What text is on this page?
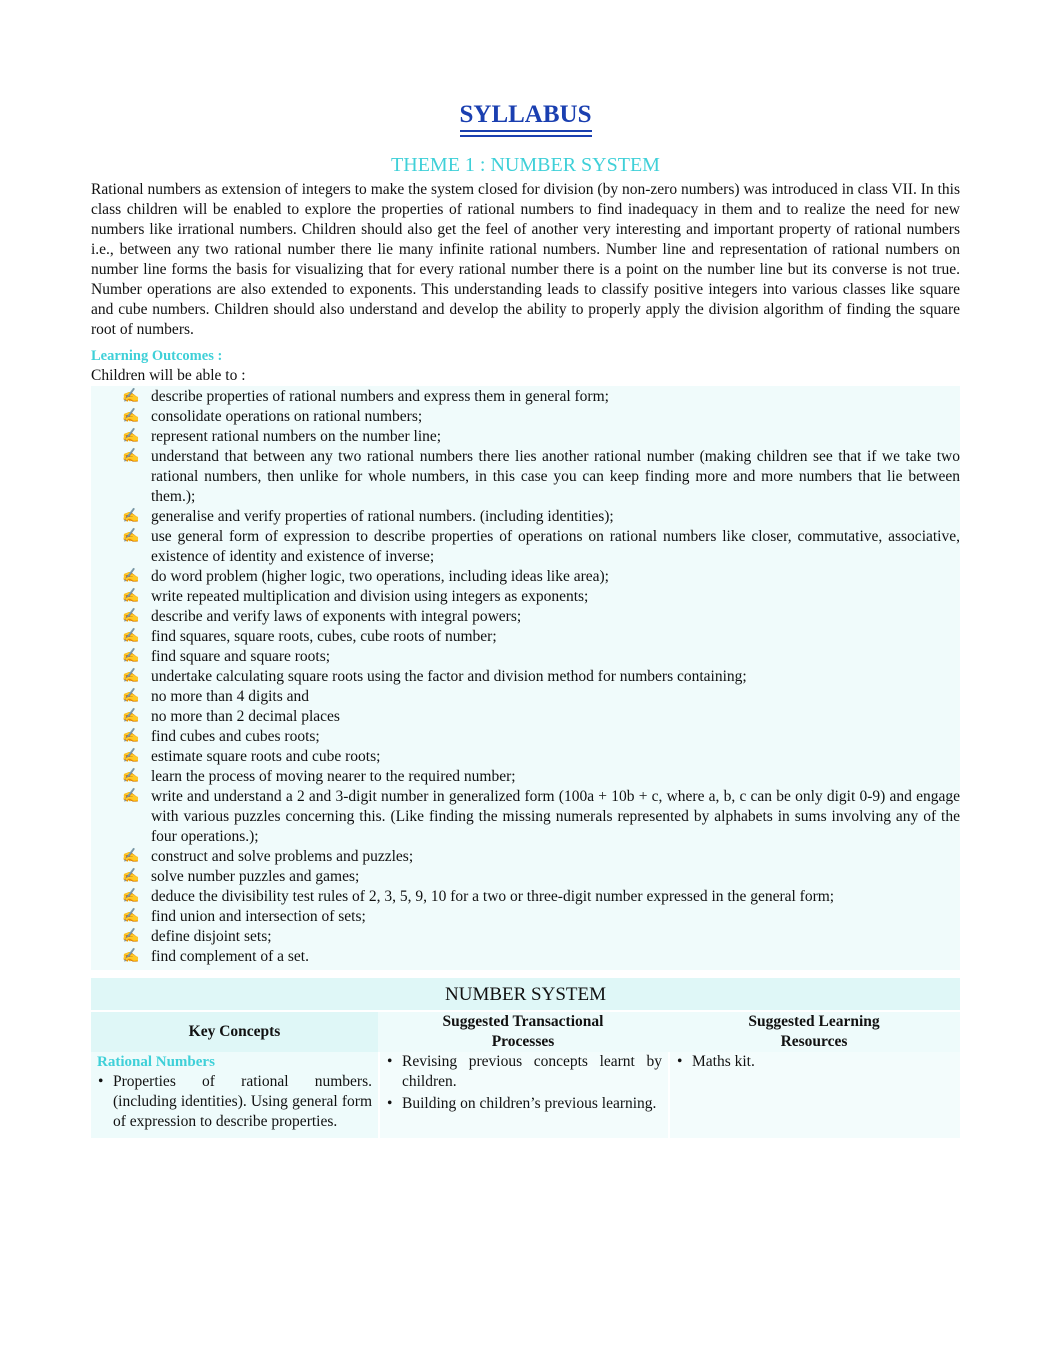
SYLLABUS
THEME 1 : NUMBER SYSTEM
Rational numbers as extension of integers to make the system closed for division (by non-zero numbers) was introduced in class VII. In this class children will be enabled to explore the properties of rational numbers to find inadequacy in them and to realize the need for new numbers like irrational numbers. Children should also get the feel of another very interesting and important property of rational numbers i.e., between any two rational number there lie many infinite rational numbers. Number line and representation of rational numbers on number line forms the basis for visualizing that for every rational number there is a point on the number line but its converse is not true. Number operations are also extended to exponents. This understanding leads to classify positive integers into various classes like square and cube numbers. Children should also understand and develop the ability to properly apply the division algorithm of finding the square root of numbers.
Learning Outcomes :
Children will be able to :
✍ describe properties of rational numbers and express them in general form;
✍ consolidate operations on rational numbers;
✍ represent rational numbers on the number line;
✍ understand that between any two rational numbers there lies another rational number (making children see that if we take two rational numbers, then unlike for whole numbers, in this case you can keep finding more and more numbers that lie between them.);
✍ generalise and verify properties of rational numbers. (including identities);
✍ use general form of expression to describe properties of operations on rational numbers like closer, commutative, associative, existence of identity and existence of inverse;
✍ do word problem (higher logic, two operations, including ideas like area);
✍ write repeated multiplication and division using integers as exponents;
✍ describe and verify laws of exponents with integral powers;
✍ find squares, square roots, cubes, cube roots of number;
✍ find square and square roots;
✍ undertake calculating square roots using the factor and division method for numbers containing;
✍ no more than 4 digits and
✍ no more than 2 decimal places
✍ find cubes and cubes roots;
✍ estimate square roots and cube roots;
✍ learn the process of moving nearer to the required number;
✍ write and understand a 2 and 3-digit number in generalized form (100a + 10b + c, where a, b, c can be only digit 0-9) and engage with various puzzles concerning this. (Like finding the missing numerals represented by alphabets in sums involving any of the four operations.);
✍ construct and solve problems and puzzles;
✍ solve number puzzles and games;
✍ deduce the divisibility test rules of 2, 3, 5, 9, 10 for a two or three-digit number expressed in the general form;
✍ find union and intersection of sets;
✍ define disjoint sets;
✍ find complement of a set.
NUMBER SYSTEM
Key Concepts
Suggested Transactional Processes
Suggested Learning Resources
Rational Numbers
• Properties of rational numbers. (including identities). Using general form of expression to describe properties.
• Revising previous concepts learnt by children.
• Building on children’s previous learning.
• Maths kit.
